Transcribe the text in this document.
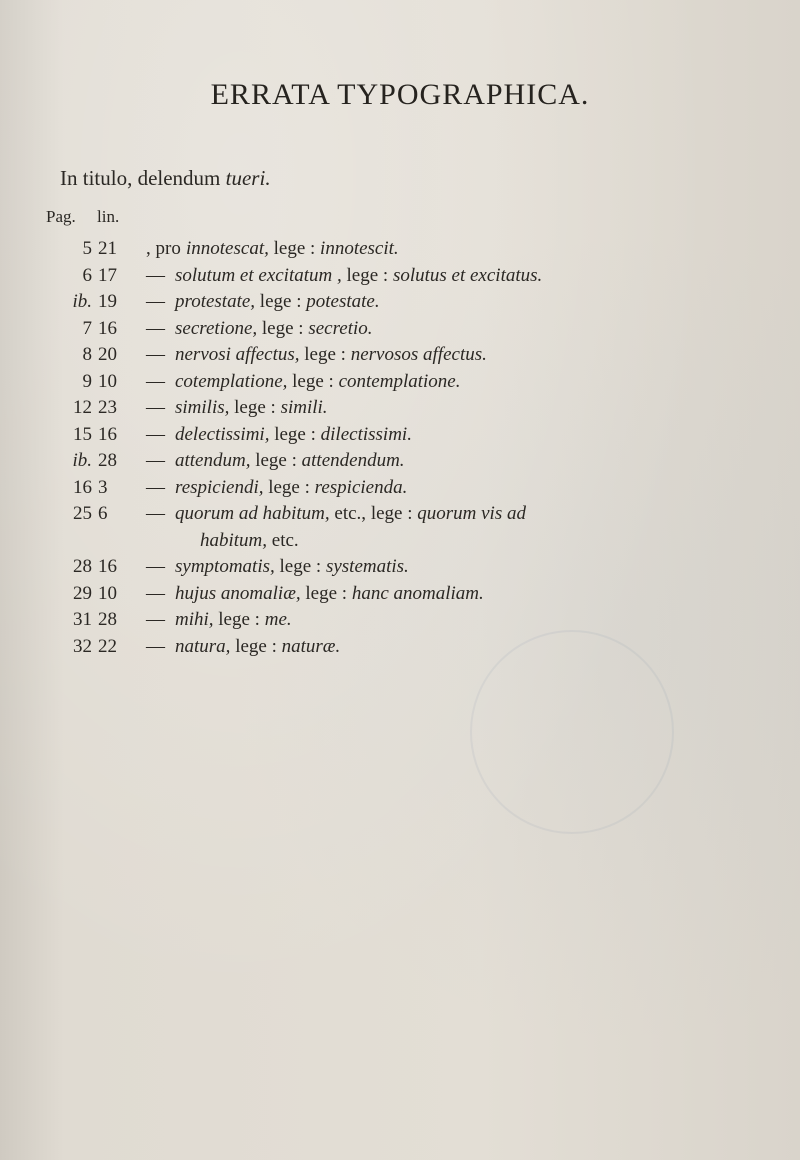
ERRATA TYPOGRAPHICA.
In titulo, delendum tueri.
Pag. lin.
5 21 , pro innotescat, lege : innotescit.
6 17 — solutum et excitatum , lege : solutus et excitatus.
ib. 19 — protestate, lege : potestate.
7 16 — secretione, lege : secretio.
8 20 — nervosi affectus, lege : nervosos affectus.
9 10 — cotemplatione, lege : contemplatione.
12 23 — similis, lege : simili.
15 16 — delectissimi, lege : dilectissimi.
ib. 28 — attendum, lege : attendendum.
16 3 — respiciendi, lege : respicienda.
25 6 — quorum ad habitum, etc., lege : quorum vis ad
habitum, etc.
28 16 — symptomatis, lege : systematis.
29 10 — hujus anomaliæ, lege : hanc anomaliam.
31 28 — mihi, lege : me.
32 22 — natura, lege : naturæ.
